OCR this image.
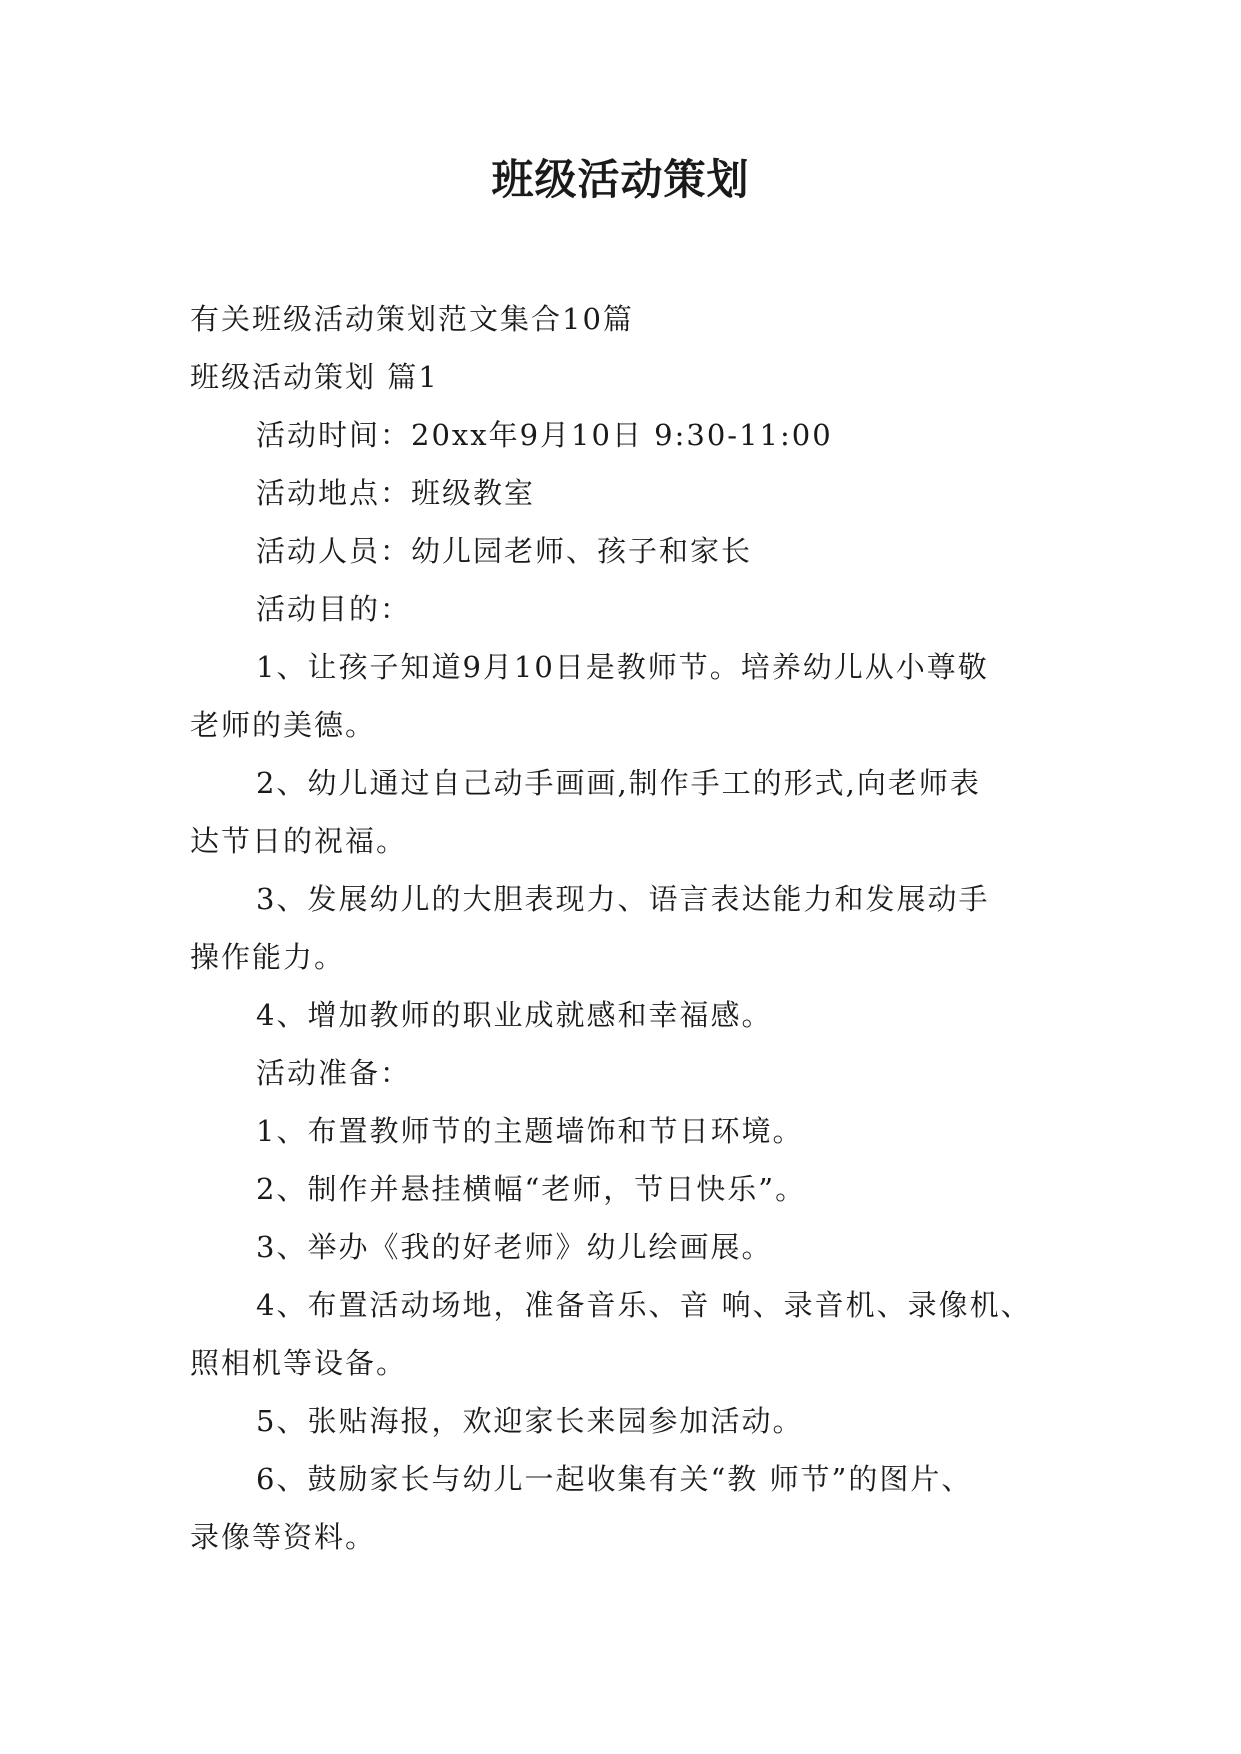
班级活动策划

有关班级活动策划范文集合10篇

班级活动策划 篇1

活动时间：20xx年9月10日 9:30-11:00

活动地点：班级教室

活动人员：幼儿园老师、孩子和家长

活动目的：

1、让孩子知道9月10日是教师节。培养幼儿从小尊敬

老师的美德。

2、幼儿通过自己动手画画,制作手工的形式,向老师表

达节日的祝福。

3、发展幼儿的大胆表现力、语言表达能力和发展动手

操作能力。

4、增加教师的职业成就感和幸福感。

活动准备：

1、布置教师节的主题墙饰和节日环境。

2、制作并悬挂横幅“老师，节日快乐”。

3、举办《我的好老师》幼儿绘画展。

4、布置活动场地，准备音乐、音 响、录音机、录像机、

照相机等设备。

5、张贴海报，欢迎家长来园参加活动。

6、鼓励家长与幼儿一起收集有关“教 师节”的图片、

录像等资料。
